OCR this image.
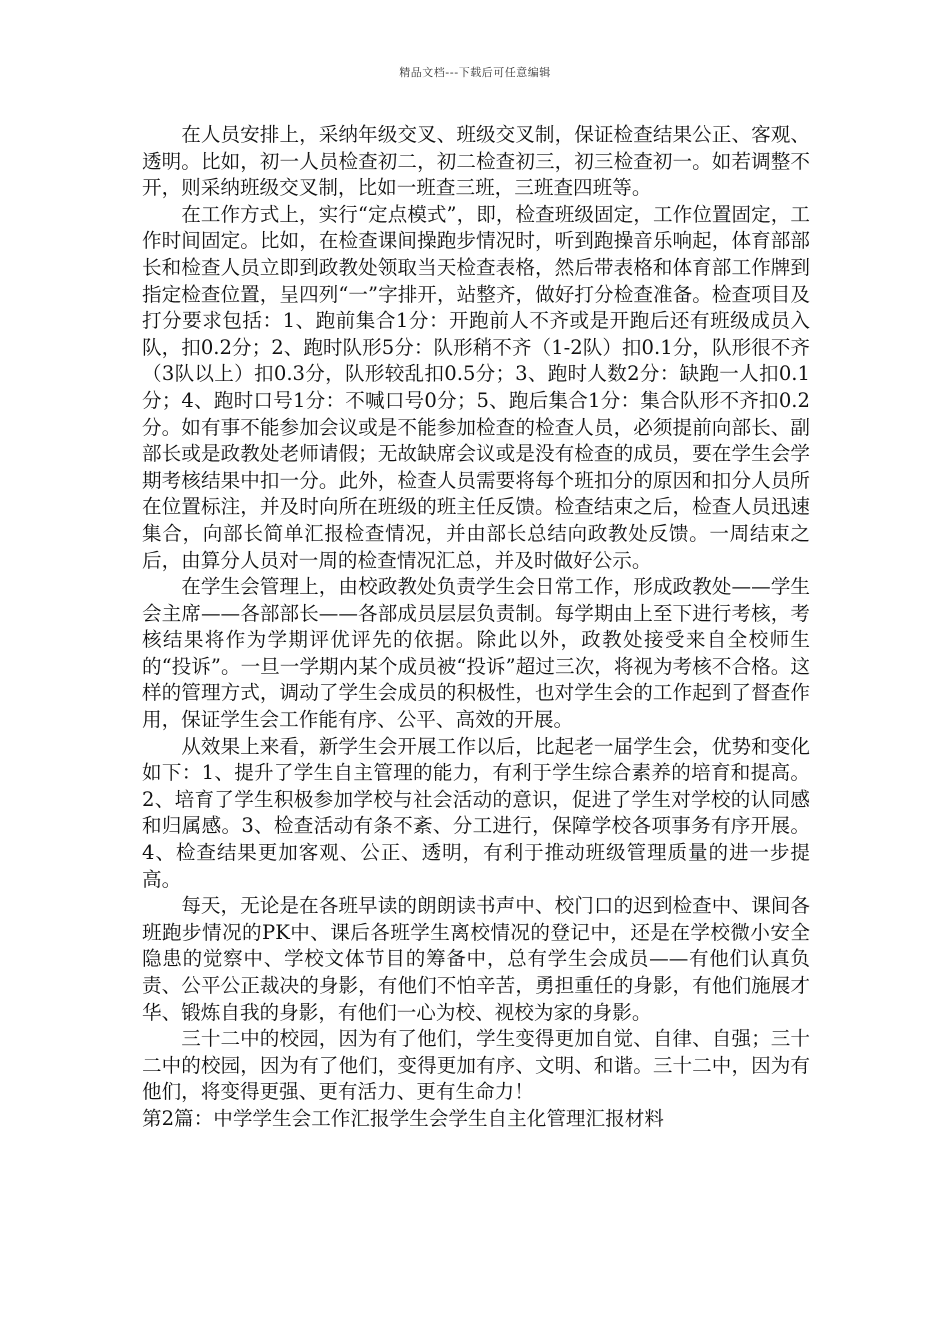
精品文档---下载后可任意编辑

在人员安排上，采纳年级交叉、班级交叉制，保证检查结果公正、客观、透明。比如，初一人员检查初二，初二检查初三，初三检查初一。如若调整不开，则采纳班级交叉制，比如一班查三班，三班查四班等。

在工作方式上，实行“定点模式”，即，检查班级固定，工作位置固定，工作时间固定。比如，在检查课间操跑步情况时，听到跑操音乐响起，体育部部长和检查人员立即到政教处领取当天检查表格，然后带表格和体育部工作牌到指定检查位置，呈四列“一”字排开，站整齐，做好打分检查准备。检查项目及打分要求包括：1、跑前集合1分：开跑前人不齐或是开跑后还有班级成员入队，扣0.2分；2、跑时队形5分：队形稍不齐（1-2队）扣0.1分，队形很不齐（3队以上）扣0.3分，队形较乱扣0.5分；3、跑时人数2分：缺跑一人扣0.1分；4、跑时口号1分：不喊口号0分；5、跑后集合1分：集合队形不齐扣0.2分。如有事不能参加会议或是不能参加检查的检查人员，必须提前向部长、副部长或是政教处老师请假；无故缺席会议或是没有检查的成员，要在学生会学期考核结果中扣一分。此外，检查人员需要将每个班扣分的原因和扣分人员所在位置标注，并及时向所在班级的班主任反馈。检查结束之后，检查人员迅速集合，向部长简单汇报检查情况，并由部长总结向政教处反馈。一周结束之后，由算分人员对一周的检查情况汇总，并及时做好公示。

在学生会管理上，由校政教处负责学生会日常工作，形成政教处——学生会主席——各部部长——各部成员层层负责制。每学期由上至下进行考核，考核结果将作为学期评优评先的依据。除此以外，政教处接受来自全校师生的“投诉”。一旦一学期内某个成员被“投诉”超过三次，将视为考核不合格。这样的管理方式，调动了学生会成员的积极性，也对学生会的工作起到了督查作用，保证学生会工作能有序、公平、高效的开展。

从效果上来看，新学生会开展工作以后，比起老一届学生会，优势和变化如下：1、提升了学生自主管理的能力，有利于学生综合素养的培育和提高。2、培育了学生积极参加学校与社会活动的意识，促进了学生对学校的认同感和归属感。3、检查活动有条不紊、分工进行，保障学校各项事务有序开展。4、检查结果更加客观、公正、透明，有利于推动班级管理质量的进一步提高。

每天，无论是在各班早读的朗朗读书声中、校门口的迟到检查中、课间各班跑步情况的PK中、课后各班学生离校情况的登记中，还是在学校微小安全隐患的觉察中、学校文体节目的筹备中，总有学生会成员——有他们认真负责、公平公正裁决的身影，有他们不怕辛苦，勇担重任的身影，有他们施展才华、锻炼自我的身影，有他们一心为校、视校为家的身影。

三十二中的校园，因为有了他们，学生变得更加自觉、自律、自强；三十二中的校园，因为有了他们，变得更加有序、文明、和谐。三十二中，因为有他们，将变得更强、更有活力、更有生命力！

第2篇：中学学生会工作汇报学生会学生自主化管理汇报材料
